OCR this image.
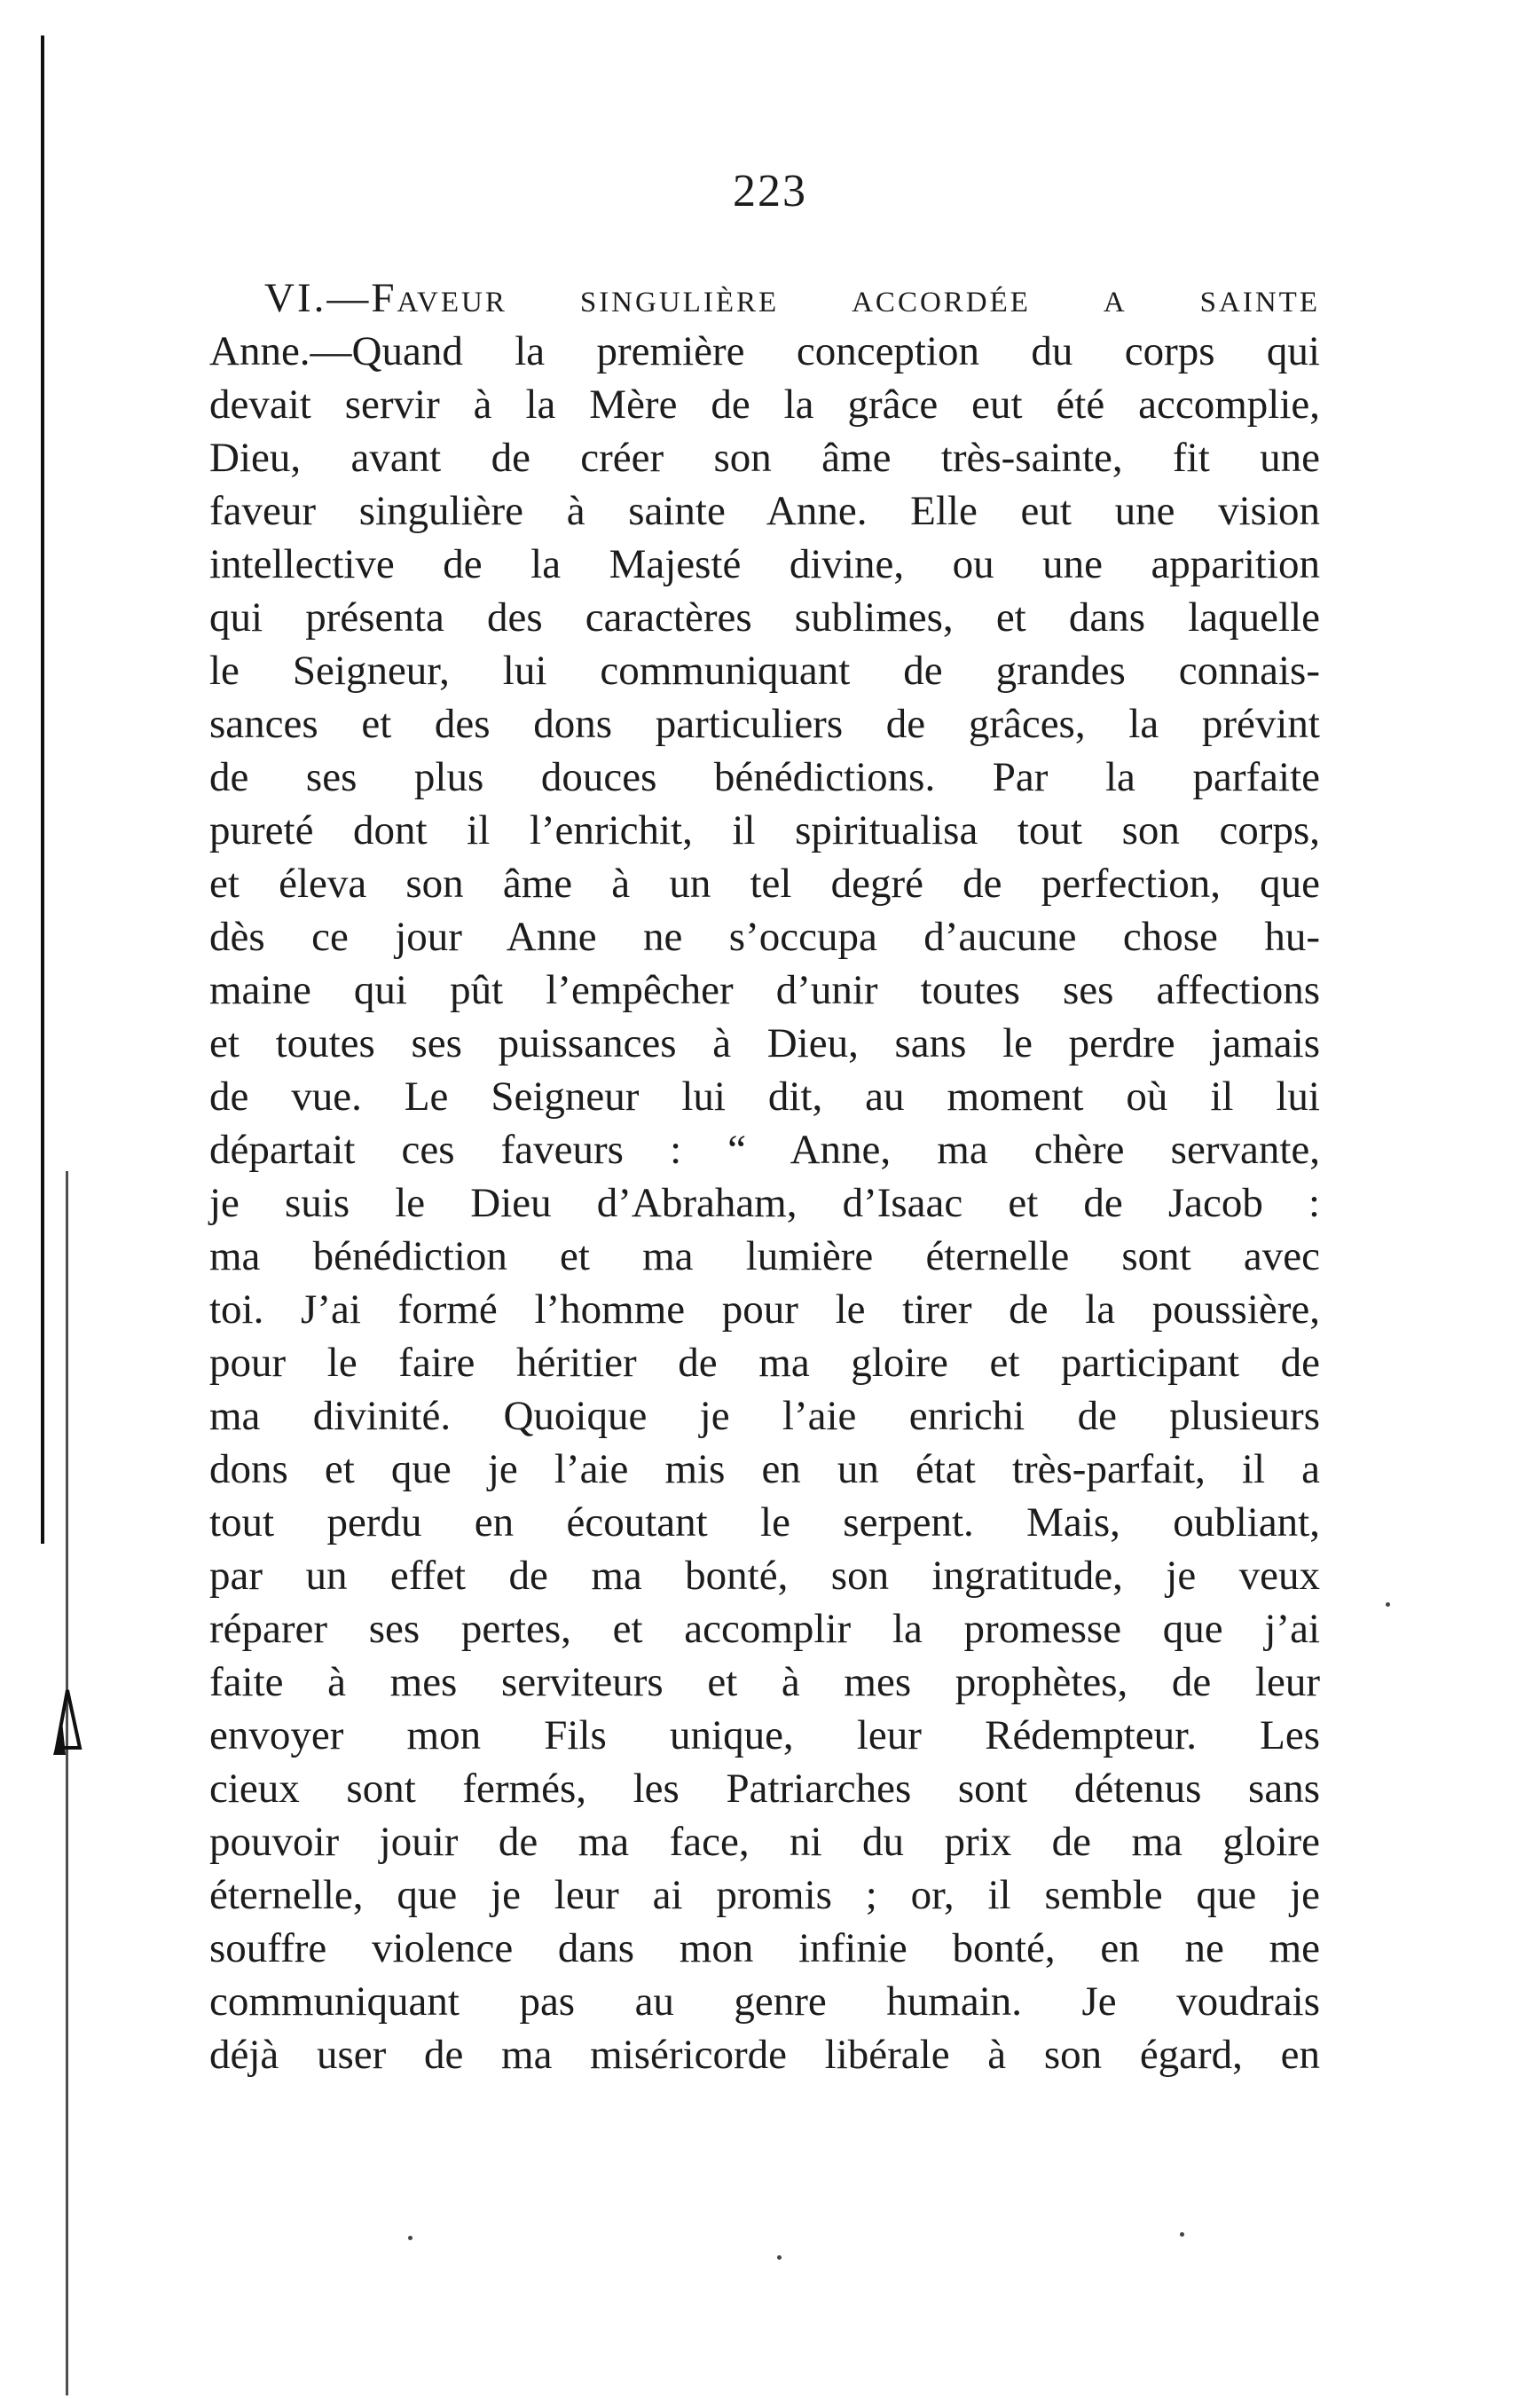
223
VI.—Faveur singulière accordée a sainte
Anne.—Quand la première conception du corps qui
devait servir à la Mère de la grâce eut été accomplie,
Dieu, avant de créer son âme très-sainte, fit une
faveur singulière à sainte Anne. Elle eut une vision
intellective de la Majesté divine, ou une apparition
qui présenta des caractères sublimes, et dans laquelle
le Seigneur, lui communiquant de grandes connais-
sances et des dons particuliers de grâces, la prévint
de ses plus douces bénédictions. Par la parfaite
pureté dont il l’enrichit, il spiritualisa tout son corps,
et éleva son âme à un tel degré de perfection, que
dès ce jour Anne ne s’occupa d’aucune chose hu-
maine qui pût l’empêcher d’unir toutes ses affections
et toutes ses puissances à Dieu, sans le perdre jamais
de vue. Le Seigneur lui dit, au moment où il lui
départait ces faveurs : “ Anne, ma chère servante,
je suis le Dieu d’Abraham, d’Isaac et de Jacob :
ma bénédiction et ma lumière éternelle sont avec
toi. J’ai formé l’homme pour le tirer de la poussière,
pour le faire héritier de ma gloire et participant de
ma divinité. Quoique je l’aie enrichi de plusieurs
dons et que je l’aie mis en un état très-parfait, il a
tout perdu en écoutant le serpent. Mais, oubliant,
par un effet de ma bonté, son ingratitude, je veux
réparer ses pertes, et accomplir la promesse que j’ai
faite à mes serviteurs et à mes prophètes, de leur
envoyer mon Fils unique, leur Rédempteur. Les
cieux sont fermés, les Patriarches sont détenus sans
pouvoir jouir de ma face, ni du prix de ma gloire
éternelle, que je leur ai promis ; or, il semble que je
souffre violence dans mon infinie bonté, en ne me
communiquant pas au genre humain. Je voudrais
déjà user de ma miséricorde libérale à son égard, en
